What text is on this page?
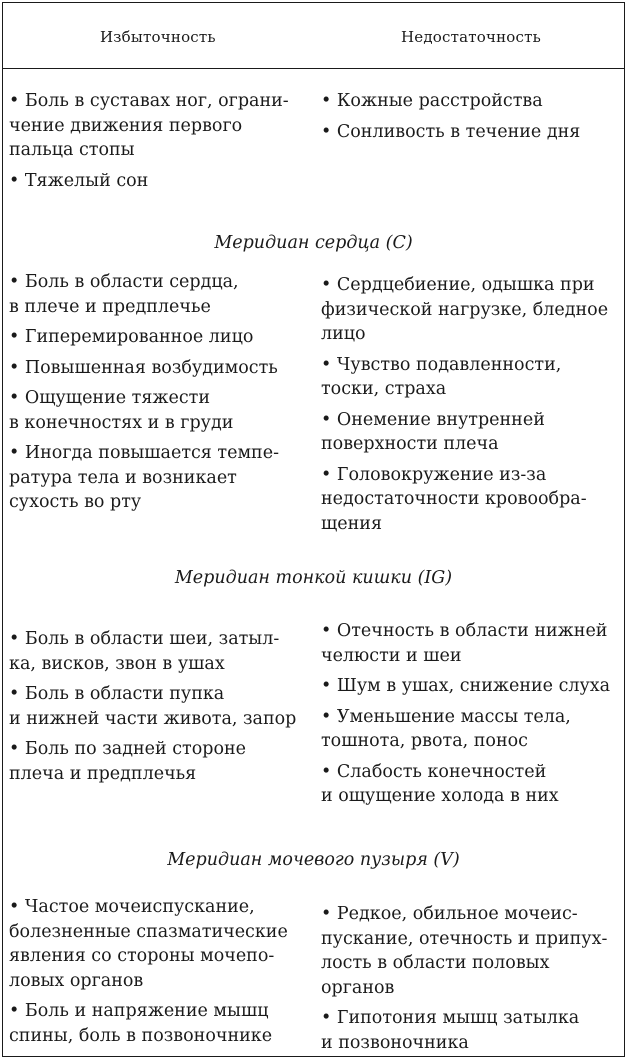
Избыточность	Недостаточность
• Боль в суставах ног, ограни-
чение движения первого
пальца стопы
• Тяжелый сон
• Кожные расстройства
• Сонливость в течение дня
Меридиан сердца (C)
• Боль в области сердца,
в плече и предплечье
• Гиперемированное лицо
• Повышенная возбудимость
• Ощущение тяжести
в конечностях и в груди
• Иногда повышается темпе-
ратура тела и возникает
сухость во рту
• Сердцебиение, одышка при
физической нагрузке, бледное
лицо
• Чувство подавленности,
тоски, страха
• Онемение внутренней
поверхности плеча
• Головокружение из-за
недостаточности кровообра-
щения
Меридиан тонкой кишки (IG)
• Боль в области шеи, затыл-
ка, висков, звон в ушах
• Боль в области пупка
и нижней части живота, запор
• Боль по задней стороне
плеча и предплечья
• Отечность в области нижней
челюсти и шеи
• Шум в ушах, снижение слуха
• Уменьшение массы тела,
тошнота, рвота, понос
• Слабость конечностей
и ощущение холода в них
Меридиан мочевого пузыря (V)
• Частое мочеиспускание,
болезненные спазматические
явления со стороны мочепо-
ловых органов
• Боль и напряжение мышц
спины, боль в позвоночнике
• Редкое, обильное мочеис-
пускание, отечность и припух-
лость в области половых
органов
• Гипотония мышц затылка
и позвоночника
